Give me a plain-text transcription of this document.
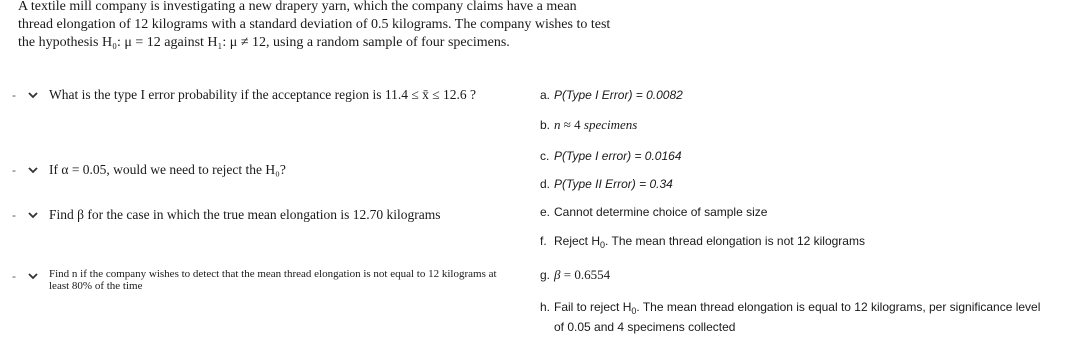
A textile mill company is investigating a new drapery yarn, which the company claims have a mean

thread elongation of 12 kilograms with a standard deviation of 0.5 kilograms. The company wishes to test

the hypothesis H₀: μ = 12 against H₁: μ ≠ 12, using a random sample of four specimens.

-	What is the type I error probability if the acceptance region is 11.4 ≤ x̄ ≤ 12.6 ?
-	If α = 0.05, would we need to reject the H₀?
-	Find β for the case in which the true mean elongation is 12.70 kilograms
-	Find n if the company wishes to detect that the mean thread elongation is not equal to 12 kilograms at
least 80% of the time
a. P(Type I Error) = 0.0082
b. n ≈ 4 specimens
c. P(Type I error) = 0.0164
d. P(Type II Error) = 0.34
e. Cannot determine choice of sample size
f. Reject $H_0$. The mean thread elongation is not 12 kilograms
g. β = 0.6554
h. Fail to reject $H_0$. The mean thread elongation is equal to 12 kilograms, per significance level
of 0.05 and 4 specimens collected
